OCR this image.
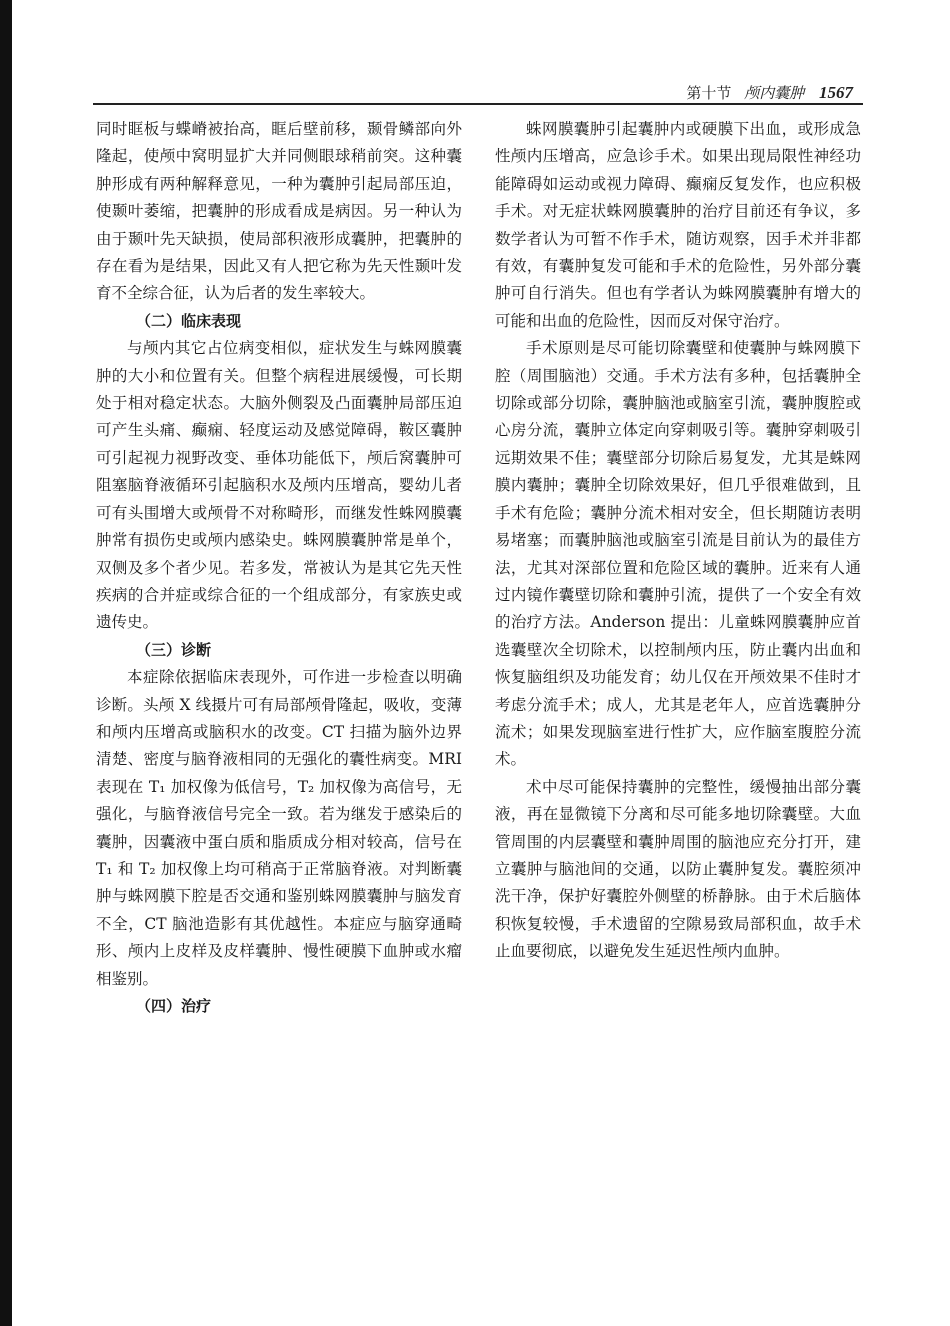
第十节 颅内囊肿 1567

同时眶板与蝶嵴被抬高，眶后壁前移，颞骨鳞部向外隆起，使颅中窝明显扩大并同侧眼球稍前突。这种囊肿形成有两种解释意见，一种为囊肿引起局部压迫，使颞叶萎缩，把囊肿的形成看成是病因。另一种认为由于颞叶先天缺损，使局部积液形成囊肿，把囊肿的存在看为是结果，因此又有人把它称为先天性颞叶发育不全综合征，认为后者的发生率较大。

（二）临床表现

与颅内其它占位病变相似，症状发生与蛛网膜囊肿的大小和位置有关。但整个病程进展缓慢，可长期处于相对稳定状态。大脑外侧裂及凸面囊肿局部压迫可产生头痛、癫痫、轻度运动及感觉障碍，鞍区囊肿可引起视力视野改变、垂体功能低下，颅后窝囊肿可阻塞脑脊液循环引起脑积水及颅内压增高，婴幼儿者可有头围增大或颅骨不对称畸形，而继发性蛛网膜囊肿常有损伤史或颅内感染史。蛛网膜囊肿常是单个，双侧及多个者少见。若多发，常被认为是其它先天性疾病的合并症或综合征的一个组成部分，有家族史或遗传史。

（三）诊断

本症除依据临床表现外，可作进一步检查以明确诊断。头颅 X 线摄片可有局部颅骨隆起，吸收，变薄和颅内压增高或脑积水的改变。CT 扫描为脑外边界清楚、密度与脑脊液相同的无强化的囊性病变。MRI 表现在 T₁ 加权像为低信号，T₂ 加权像为高信号，无强化，与脑脊液信号完全一致。若为继发于感染后的囊肿，因囊液中蛋白质和脂质成分相对较高，信号在 T₁ 和 T₂ 加权像上均可稍高于正常脑脊液。对判断囊肿与蛛网膜下腔是否交通和鉴别蛛网膜囊肿与脑发育不全，CT 脑池造影有其优越性。本症应与脑穿通畸形、颅内上皮样及皮样囊肿、慢性硬膜下血肿或水瘤相鉴别。

（四）治疗

蛛网膜囊肿引起囊肿内或硬膜下出血，或形成急性颅内压增高，应急诊手术。如果出现局限性神经功能障碍如运动或视力障碍、癫痫反复发作，也应积极手术。对无症状蛛网膜囊肿的治疗目前还有争议，多数学者认为可暂不作手术，随访观察，因手术并非都有效，有囊肿复发可能和手术的危险性，另外部分囊肿可自行消失。但也有学者认为蛛网膜囊肿有增大的可能和出血的危险性，因而反对保守治疗。

手术原则是尽可能切除囊壁和使囊肿与蛛网膜下腔（周围脑池）交通。手术方法有多种，包括囊肿全切除或部分切除，囊肿脑池或脑室引流，囊肿腹腔或心房分流，囊肿立体定向穿刺吸引等。囊肿穿刺吸引远期效果不佳；囊壁部分切除后易复发，尤其是蛛网膜内囊肿；囊肿全切除效果好，但几乎很难做到，且手术有危险；囊肿分流术相对安全，但长期随访表明易堵塞；而囊肿脑池或脑室引流是目前认为的最佳方法，尤其对深部位置和危险区域的囊肿。近来有人通过内镜作囊壁切除和囊肿引流，提供了一个安全有效的治疗方法。Anderson 提出：儿童蛛网膜囊肿应首选囊壁次全切除术，以控制颅内压，防止囊内出血和恢复脑组织及功能发育；幼儿仅在开颅效果不佳时才考虑分流手术；成人，尤其是老年人，应首选囊肿分流术；如果发现脑室进行性扩大，应作脑室腹腔分流术。

术中尽可能保持囊肿的完整性，缓慢抽出部分囊液，再在显微镜下分离和尽可能多地切除囊壁。大血管周围的内层囊壁和囊肿周围的脑池应充分打开，建立囊肿与脑池间的交通，以防止囊肿复发。囊腔须冲洗干净，保护好囊腔外侧壁的桥静脉。由于术后脑体积恢复较慢，手术遗留的空隙易致局部积血，故手术止血要彻底，以避免发生延迟性颅内血肿。
